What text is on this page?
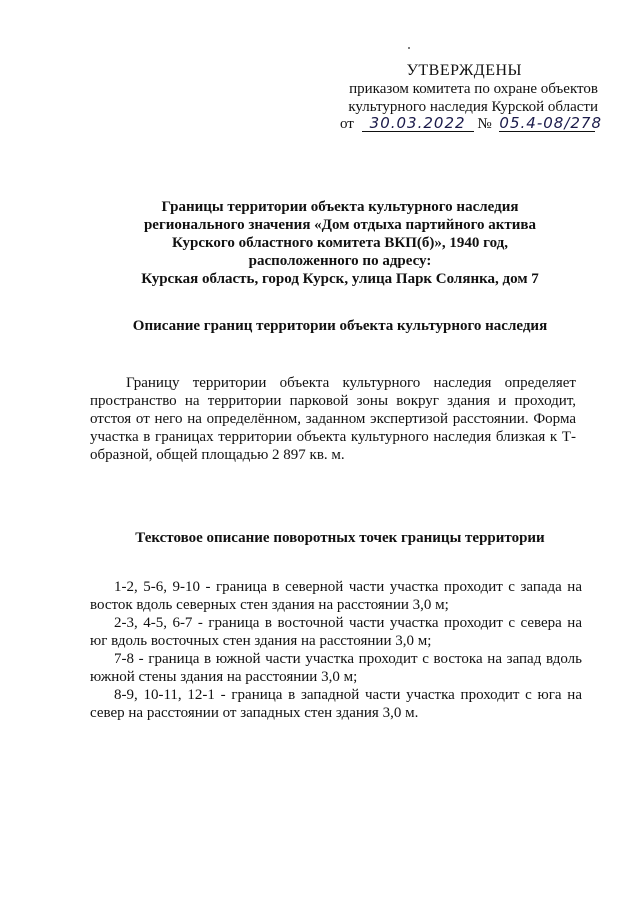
УТВЕРЖДЕНЫ
приказом комитета по охране объектов
культурного наследия Курской области
от 30.03.2022 № 05.4-08/278
Границы территории объекта культурного наследия
регионального значения «Дом отдыха партийного актива
Курского областного комитета ВКП(б)», 1940 год,
расположенного по адресу:
Курская область, город Курск, улица Парк Солянка, дом 7
Описание границ территории объекта культурного наследия
Границу территории объекта культурного наследия определяет пространство на территории парковой зоны вокруг здания и проходит, отстоя от него на определённом, заданном экспертизой расстоянии. Форма участка в границах территории объекта культурного наследия близкая к Т-образной, общей площадью 2 897 кв. м.
Текстовое описание поворотных точек границы территории
1-2, 5-6, 9-10 - граница в северной части участка проходит с запада на восток вдоль северных стен здания на расстоянии 3,0 м;
2-3, 4-5, 6-7 - граница в восточной части участка проходит с севера на юг вдоль восточных стен здания на расстоянии 3,0 м;
7-8 - граница в южной части участка проходит с востока на запад вдоль южной стены здания на расстоянии 3,0 м;
8-9, 10-11, 12-1 - граница в западной части участка проходит с юга на север на расстоянии от западных стен здания 3,0 м.
